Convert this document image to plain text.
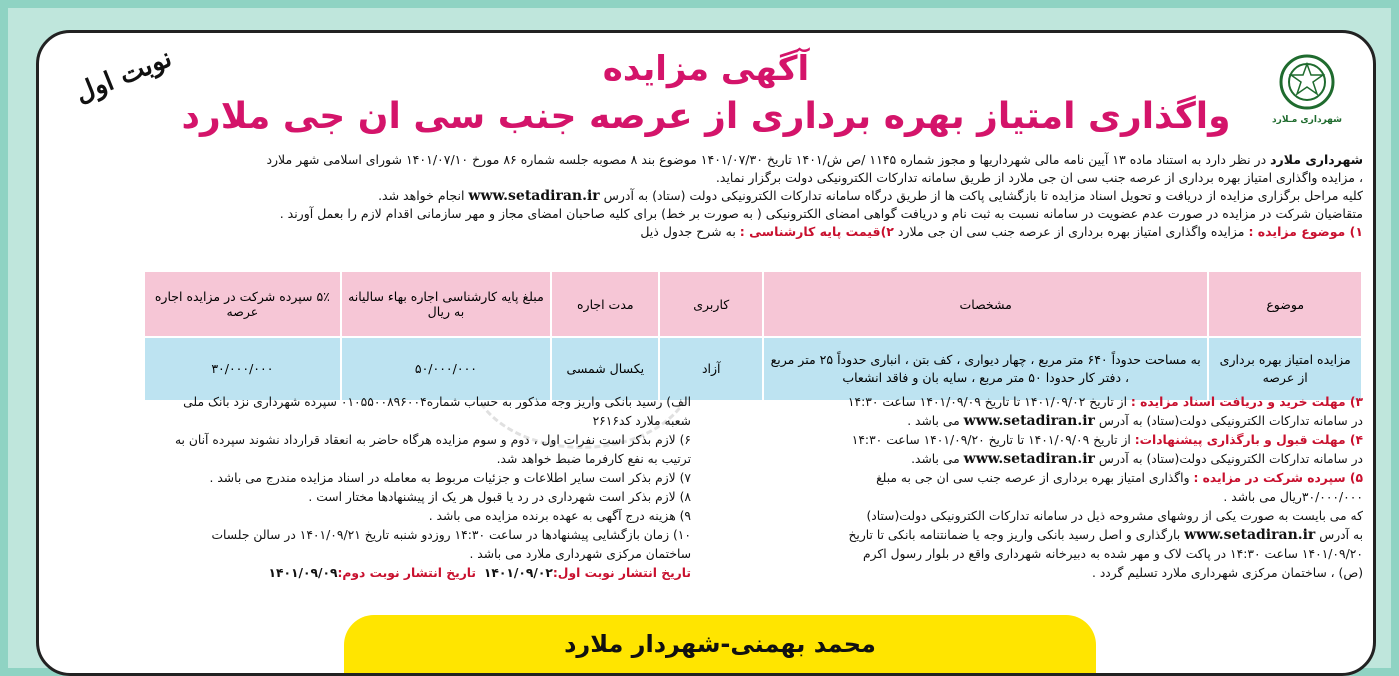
شهرداری مـلارد
نوبت اول	آگهی مزایده
واگذاری امتیاز بهره برداری از عرصه جنب سی ان جی ملارد
شهرداری ملارد در نظر دارد به استناد ماده ۱۳ آیین نامه مالی شهرداریها و مجوز شماره ۱۱۴۵ /ص ش/۱۴۰۱ تاریخ ۱۴۰۱/۰۷/۳۰ موضوع بند ۸ مصوبه جلسه شماره ۸۶ مورخ ۱۴۰۱/۰۷/۱۰ شورای اسلامی شهر ملارد
، مزایده واگذاری امتیاز بهره برداری از عرصه جنب سی ان جی ملارد از طریق سامانه تدارکات الکترونیکی دولت برگزار نماید.
کلیه مراحل برگزاری مزایده از دریافت و تحویل اسناد مزایده تا بازگشایی پاکت ها از طریق درگاه سامانه تدارکات الکترونیکی دولت (ستاد) به آدرس www.setadiran.ir انجام خواهد شد.
متقاضیان شرکت در مزایده در صورت عدم عضویت در سامانه نسبت به ثبت نام و دریافت گواهی امضای الکترونیکی ( به صورت بر خط) برای کلیه صاحبان امضای مجاز و مهر سازمانی اقدام لازم را بعمل آورند .
۱) موضوع مزایده : مزایده واگذاری امتیاز بهره برداری از عرصه جنب سی ان جی ملارد ۲)قیمت پایه کارشناسی : به شرح جدول ذیل
موضوع	مشخصات	کاربری	مدت اجاره	مبلغ پایه کارشناسی اجاره بهاء سالیانه به ریال	۵٪ سپرده شرکت در مزایده اجاره عرصه
مزایده امتیاز بهره برداری از عرصه	به مساحت حدوداً ۶۴۰ متر مربع ، چهار دیواری ، کف بتن ، انباری حدوداً ۲۵ متر مربع ، دفتر کار حدودا ۵۰ متر مربع ، سایه بان و فاقد انشعاب	آزاد	یکسال شمسی	۵۰/۰۰۰/۰۰۰	۳۰/۰۰۰/۰۰۰
۳) مهلت خرید و دریافت اسناد مزایده : از تاریخ ۱۴۰۱/۰۹/۰۲ تا تاریخ ۱۴۰۱/۰۹/۰۹ ساعت ۱۴:۳۰
در سامانه تدارکات الکترونیکی دولت(ستاد) به آدرس www.setadiran.ir می باشد .
۴) مهلت قبول و بارگذاری پیشنهادات: از تاریخ ۱۴۰۱/۰۹/۰۹ تا تاریخ ۱۴۰۱/۰۹/۲۰ ساعت ۱۴:۳۰
در سامانه تدارکات الکترونیکی دولت(ستاد) به آدرس www.setadiran.ir می باشد.
۵) سپرده شرکت در مزایده : واگذاری امتیاز بهره برداری از عرصه جنب سی ان جی به مبلغ
۳۰/۰۰۰/۰۰۰ریال می باشد .
که می بایست به صورت یکی از روشهای مشروحه ذیل در سامانه تدارکات الکترونیکی دولت(ستاد)
به آدرس www.setadiran.ir بارگذاری و اصل رسید بانکی واریز وجه یا ضمانتنامه بانکی تا تاریخ
۱۴۰۱/۰۹/۲۰ ساعت ۱۴:۳۰ در پاکت لاک و مهر شده به دبیرخانه شهرداری واقع در بلوار رسول اکرم
(ص) ، ساختمان مرکزی شهرداری ملارد تسلیم گردد .
الف) رسید بانکی واریز وجه مذکور به حساب شماره۰۱۰۵۵۰۰۸۹۶۰۰۴ سپرده شهرداری نزد بانک ملی
شعبه ملارد کد۲۶۱۶
۶) لازم بذکر است نفرات اول ، دوم و سوم مزایده هرگاه حاضر به انعقاد قرارداد نشوند سپرده آنان به
ترتیب به نفع کارفرما ضبط خواهد شد.
۷) لازم بذکر است سایر اطلاعات و جزئیات مربوط به معامله در اسناد مزایده مندرج می باشد .
۸) لازم بذکر است شهرداری در رد یا قبول هر یک از پیشنهادها مختار است .
۹) هزینه درج آگهی به عهده برنده مزایده می باشد .
۱۰) زمان بازگشایی پیشنهادها در ساعت ۱۴:۳۰ روزدو شنبه تاریخ ۱۴۰۱/۰۹/۲۱ در سالن جلسات
ساختمان مرکزی شهرداری ملارد می باشد .
تاریخ انتشار نوبت اول:۱۴۰۱/۰۹/۰۲  تاریخ انتشار نوبت دوم:۱۴۰۱/۰۹/۰۹
محمد بهمنی-شهردار ملارد
